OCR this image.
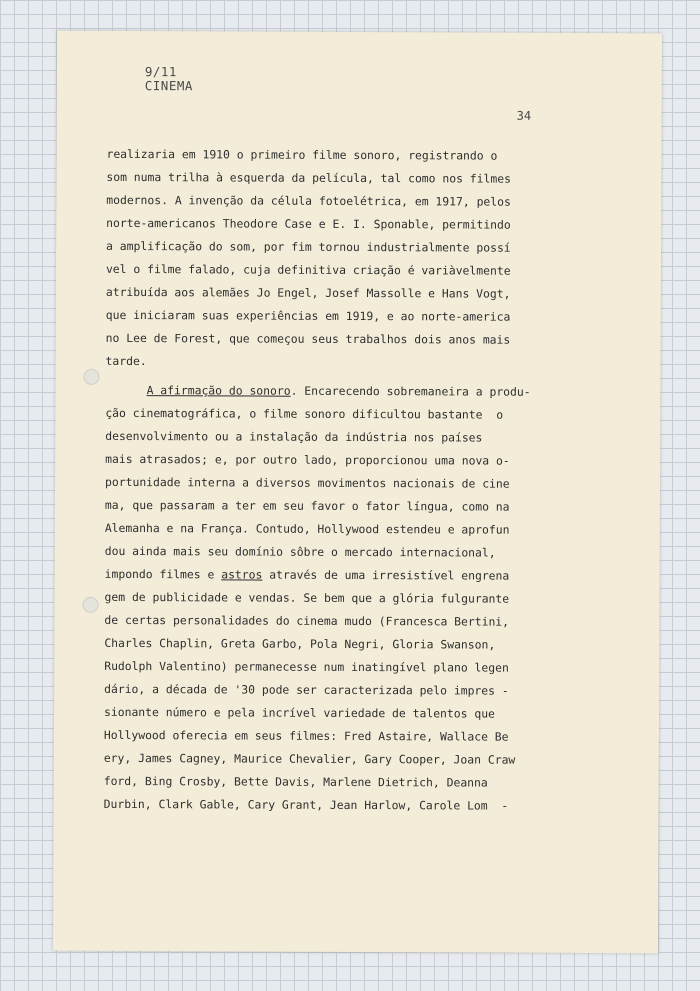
9/11
CINEMA
34
realizaria em 1910 o primeiro filme sonoro, registrando o
som numa trilha à esquerda da película, tal como nos filmes
modernos. A invenção da célula fotoelétrica, em 1917, pelos
norte-americanos Theodore Case e E. I. Sponable, permitindo
a amplificação do som, por fim tornou industrialmente possí
vel o filme falado, cuja definitiva criação é variàvelmente
atribuída aos alemães Jo Engel, Josef Massolle e Hans Vogt,
que iniciaram suas experiências em 1919, e ao norte-america
no Lee de Forest, que começou seus trabalhos dois anos mais
tarde.
A afirmação do sonoro. Encarecendo sobremaneira a produ-
ção cinematográfica, o filme sonoro dificultou bastante  o
desenvolvimento ou a instalação da indústria nos países
mais atrasados; e, por outro lado, proporcionou uma nova o-
portunidade interna a diversos movimentos nacionais de cine
ma, que passaram a ter em seu favor o fator língua, como na
Alemanha e na França. Contudo, Hollywood estendeu e aprofun
dou ainda mais seu domínio sôbre o mercado internacional,
impondo filmes e astros através de uma irresistível engrena
gem de publicidade e vendas. Se bem que a glória fulgurante
de certas personalidades do cinema mudo (Francesca Bertini,
Charles Chaplin, Greta Garbo, Pola Negri, Gloria Swanson,
Rudolph Valentino) permanecesse num inatingível plano legen
dário, a década de '30 pode ser caracterizada pelo impres -
sionante número e pela incrível variedade de talentos que
Hollywood oferecia em seus filmes: Fred Astaire, Wallace Be
ery, James Cagney, Maurice Chevalier, Gary Cooper, Joan Craw
ford, Bing Crosby, Bette Davis, Marlene Dietrich, Deanna
Durbin, Clark Gable, Cary Grant, Jean Harlow, Carole Lom  -
